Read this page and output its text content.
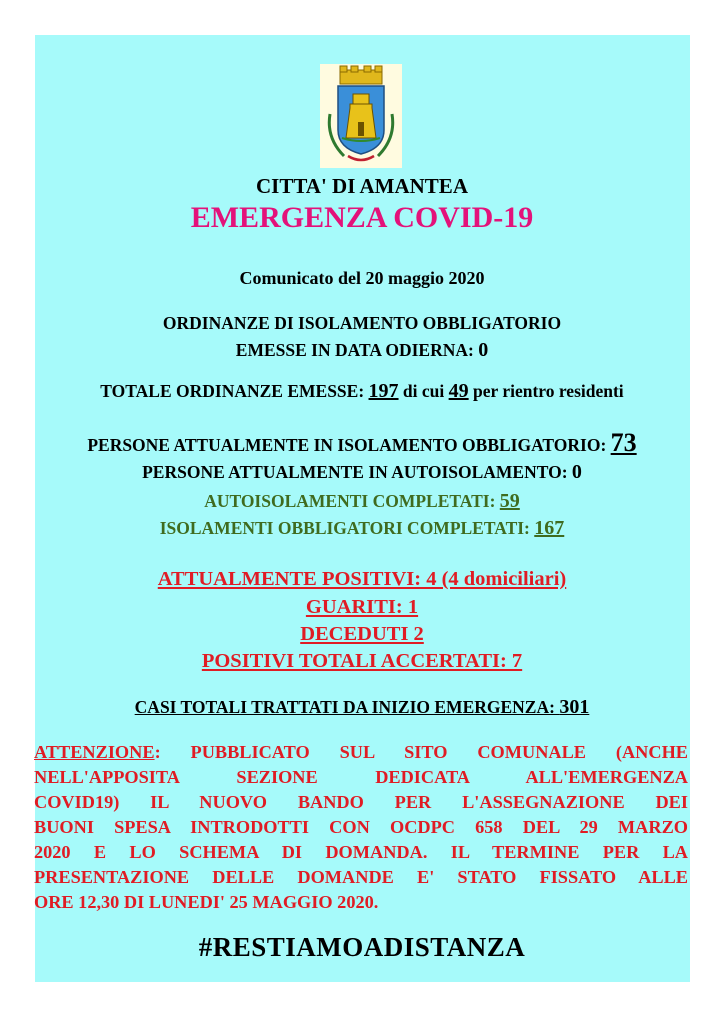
CITTA' DI AMANTEA
EMERGENZA COVID-19
Comunicato del 20 maggio 2020
ORDINANZE DI ISOLAMENTO OBBLIGATORIO
EMESSE IN DATA ODIERNA: 0
TOTALE ORDINANZE EMESSE: 197 di cui 49 per rientro residenti
PERSONE ATTUALMENTE IN ISOLAMENTO OBBLIGATORIO: 73
PERSONE ATTUALMENTE IN AUTOISOLAMENTO: 0
AUTOISOLAMENTI COMPLETATI: 59
ISOLAMENTI OBBLIGATORI COMPLETATI: 167
ATTUALMENTE POSITIVI: 4 (4 domiciliari)
GUARITI: 1
DECEDUTI 2
POSITIVI TOTALI ACCERTATI: 7
CASI TOTALI TRATTATI DA INIZIO EMERGENZA: 301
ATTENZIONE: PUBBLICATO SUL SITO COMUNALE (ANCHE
NELL'APPOSITA SEZIONE DEDICATA ALL'EMERGENZA
COVID19) IL NUOVO BANDO PER L'ASSEGNAZIONE DEI
BUONI SPESA INTRODOTTI CON OCDPC 658 DEL 29 MARZO
2020 E LO SCHEMA DI DOMANDA. IL TERMINE PER LA
PRESENTAZIONE DELLE DOMANDE E' STATO FISSATO ALLE
ORE 12,30 DI LUNEDI' 25 MAGGIO 2020.
#RESTIAMOADISTANZA
